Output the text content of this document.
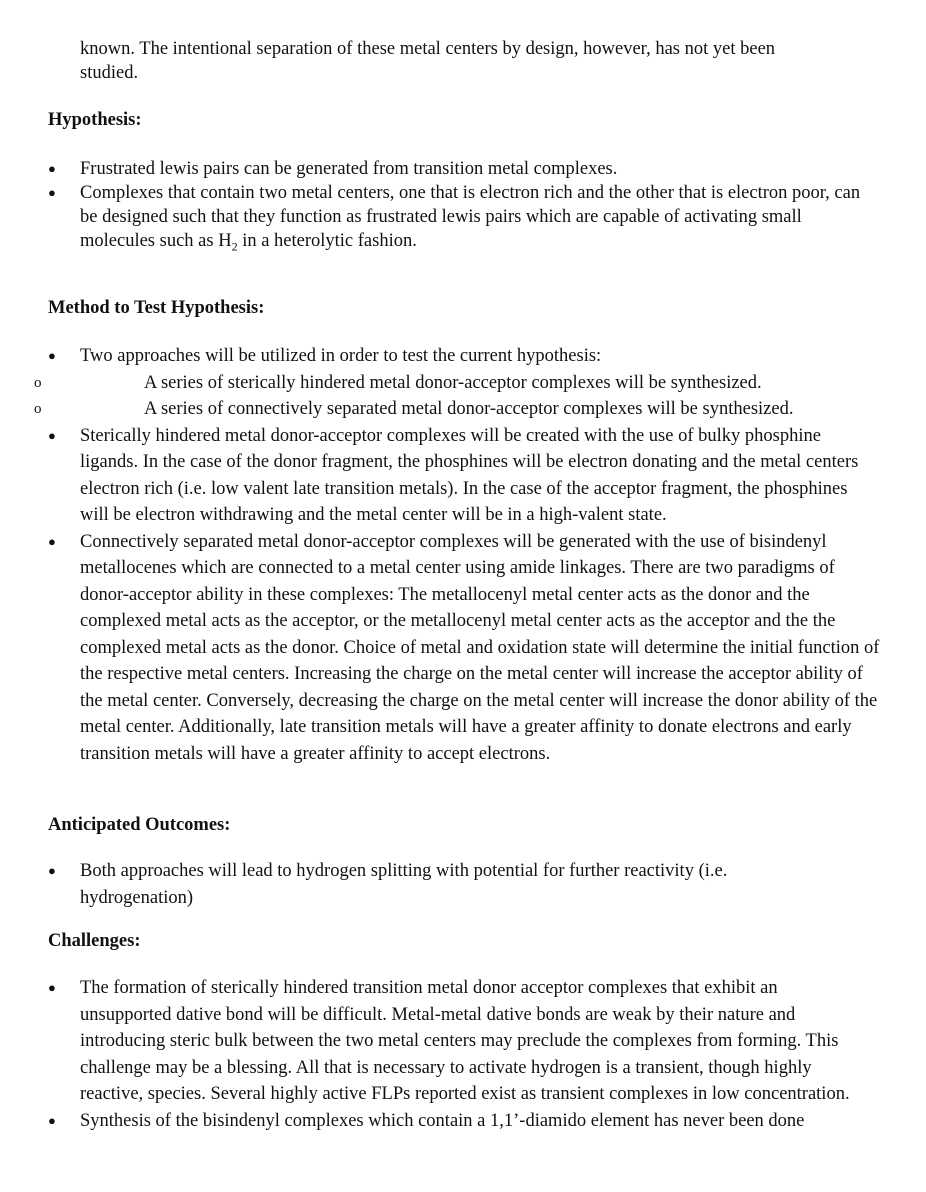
known. The intentional separation of these metal centers by design, however, has not yet been
studied.
Hypothesis:
● Frustrated lewis pairs can be generated from transition metal complexes.
● Complexes that contain two metal centers, one that is electron rich and the other that is electron poor, can be designed such that they function as frustrated lewis pairs which are capable of activating small molecules such as $H_2$ in a heterolytic fashion.
Method to Test Hypothesis:
● Two approaches will be utilized in order to test the current hypothesis:
o A series of sterically hindered metal donor-acceptor complexes will be synthesized.
o A series of connectively separated metal donor-acceptor complexes will be synthesized.
● Sterically hindered metal donor-acceptor complexes will be created with the use of bulky phosphine ligands. In the case of the donor fragment, the phosphines will be electron donating and the metal centers electron rich (i.e. low valent late transition metals). In the case of the acceptor fragment, the phosphines will be electron withdrawing and the metal center will be in a high-valent state.
● Connectively separated metal donor-acceptor complexes will be generated with the use of bisindenyl metallocenes which are connected to a metal center using amide linkages. There are two paradigms of donor-acceptor ability in these complexes: The metallocenyl metal center acts as the donor and the complexed metal acts as the acceptor, or the metallocenyl metal center acts as the acceptor and the the complexed metal acts as the donor. Choice of metal and oxidation state will determine the initial function of the respective metal centers. Increasing the charge on the metal center will increase the acceptor ability of the metal center. Conversely, decreasing the charge on the metal center will increase the donor ability of the metal center. Additionally, late transition metals will have a greater affinity to donate electrons and early transition metals will have a greater affinity to accept electrons.
Anticipated Outcomes:
● Both approaches will lead to hydrogen splitting with potential for further reactivity (i.e. hydrogenation)
Challenges:
● The formation of sterically hindered transition metal donor acceptor complexes that exhibit an unsupported dative bond will be difficult. Metal-metal dative bonds are weak by their nature and introducing steric bulk between the two metal centers may preclude the complexes from forming. This challenge may be a blessing. All that is necessary to activate hydrogen is a transient, though highly reactive, species. Several highly active FLPs reported exist as transient complexes in low concentration.
● Synthesis of the bisindenyl complexes which contain a 1,1’-diamido element has never been done
